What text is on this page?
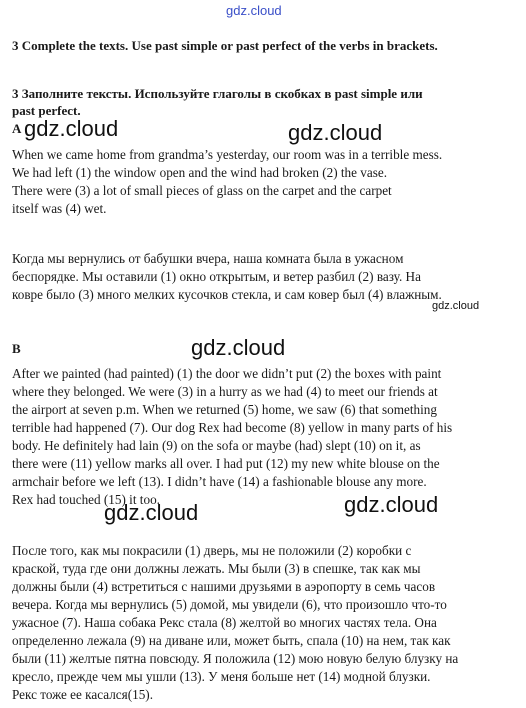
gdz.cloud

3 Complete the texts. Use past simple or past perfect of the verbs in brackets.

3 Заполните тексты. Используйте глаголы в скобках в past simple или
past perfect.

A gdz.cloud	gdz.cloud
When we came home from grandma’s yesterday, our room was in a terrible mess.
We had left (1) the window open and the wind had broken (2) the vase.
There were (3) a lot of small pieces of glass on the carpet and the carpet
itself was (4) wet.
Когда мы вернулись от бабушки вчера, наша комната была в ужасном
беспорядке. Мы оставили (1) окно открытым, и ветер разбил (2) вазу. На
ковре было (3) много мелких кусочков стекла, и сам ковер был (4) влажным.
gdz.cloud
B	gdz.cloud
After we painted (had painted) (1) the door we didn’t put (2) the boxes with paint
where they belonged. We were (3) in a hurry as we had (4) to meet our friends at
the airport at seven p.m. When we returned (5) home, we saw (6) that something
terrible had happened (7). Our dog Rex had become (8) yellow in many parts of his
body. He definitely had lain (9) on the sofa or maybe (had) slept (10) on it, as
there were (11) yellow marks all over. I had put (12) my new white blouse on the
armchair before we left (13). I didn’t have (14) a fashionable blouse any more.
Rex had touched (15) it too.
gdz.cloud	gdz.cloud
После того, как мы покрасили (1) дверь, мы не положили (2) коробки с
краской, туда где они должны лежать. Мы были (3) в спешке, так как мы
должны были (4) встретиться с нашими друзьями в аэропорту в семь часов
вечера. Когда мы вернулись (5) домой, мы увидели (6), что произошло что-то
ужасное (7). Наша собака Рекс стала (8) желтой во многих частях тела. Она
определенно лежала (9) на диване или, может быть, спала (10) на нем, так как
были (11) желтые пятна повсюду. Я положила (12) мою новую белую блузку на
кресло, прежде чем мы ушли (13). У меня больше нет (14) модной блузки.
Рекс тоже ее касался(15).
